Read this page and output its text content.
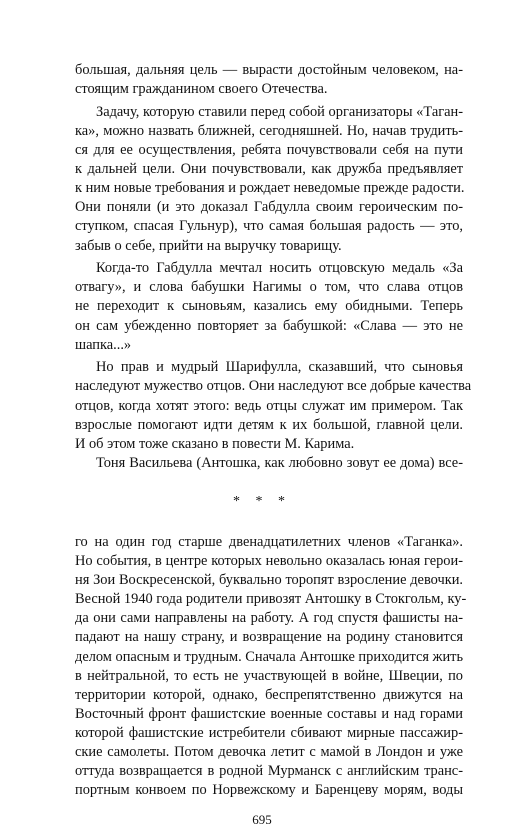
большая, дальняя цель — вырасти достойным человеком, на-
стоящим гражданином своего Отечества.
Задачу, которую ставили перед собой организаторы «Таган-
ка», можно назвать ближней, сегодняшней. Но, начав трудить-
ся для ее осуществления, ребята почувствовали себя на пути
к дальней цели. Они почувствовали, как дружба предъявляет
к ним новые требования и рождает неведомые прежде радости.
Они поняли (и это доказал Габдулла своим героическим по-
ступком, спасая Гульнур), что самая большая радость — это,
забыв о себе, прийти на выручку товарищу.
Когда-то Габдулла мечтал носить отцовскую медаль «За
отвагу», и слова бабушки Нагимы о том, что слава отцов
не переходит к сыновьям, казались ему обидными. Теперь
он сам убежденно повторяет за бабушкой: «Слава — это не
шапка...»
Но прав и мудрый Шарифулла, сказавший, что сыновья
наследуют мужество отцов. Они наследуют все добрые качества
отцов, когда хотят этого: ведь отцы служат им примером. Так
взрослые помогают идти детям к их большой, главной цели.
И об этом тоже сказано в повести М. Карима.
* * *
Тоня Васильева (Антошка, как любовно зовут ее дома) все-
го на один год старше двенадцатилетних членов «Таганка».
Но события, в центре которых невольно оказалась юная герои-
ня Зои Воскресенской, буквально торопят взросление девочки.
Весной 1940 года родители привозят Антошку в Стокгольм, ку-
да они сами направлены на работу. А год спустя фашисты на-
падают на нашу страну, и возвращение на родину становится
делом опасным и трудным. Сначала Антошке приходится жить
в нейтральной, то есть не участвующей в войне, Швеции, по
территории которой, однако, беспрепятственно движутся на
Восточный фронт фашистские военные составы и над горами
которой фашистские истребители сбивают мирные пассажир-
ские самолеты. Потом девочка летит с мамой в Лондон и уже
оттуда возвращается в родной Мурманск с английским транс-
портным конвоем по Норвежскому и Баренцеву морям, воды
695
